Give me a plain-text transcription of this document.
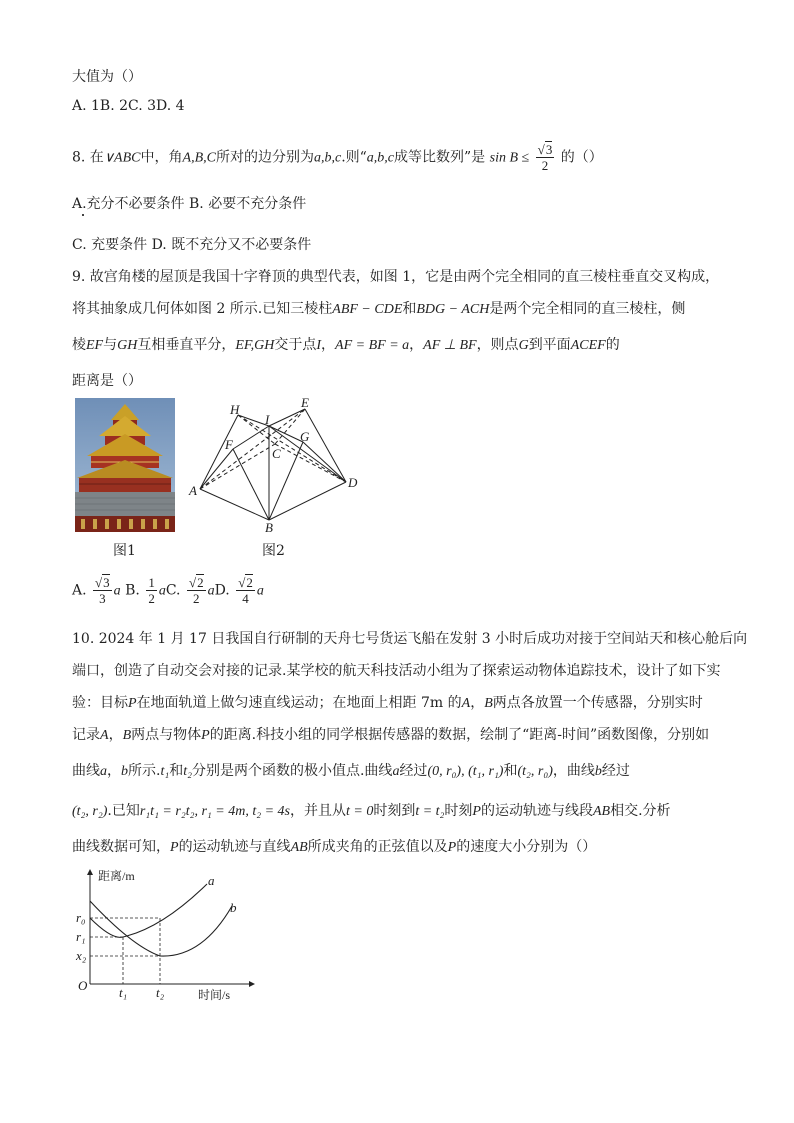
大值为（）
A. 1B. 2C. 3D. 4
8. 在∨ABC中，角A,B,C所对的边分别为a,b,c.则“a,b,c成等比数列”是 $\sin B \le \frac{√3}{2}$ 的（）
A.充分不必要条件 B. 必要不充分条件
C. 充要条件 D. 既不充分又不必要条件
9. 故宫角楼的屋顶是我国十字脊顶的典型代表，如图 1，它是由两个完全相同的直三棱柱垂直交叉构成，
将其抽象成几何体如图 2 所示.已知三棱柱ABF − CDE和BDG − ACH是两个完全相同的直三棱柱，侧
棱EF与GH互相垂直平分，EF,GH交于点I，AF = BF = a，AF ⊥ BF，则点G到平面ACEF的
距离是（）
图1
H	E
I
F
G
C
A
D
B
图2
A. $\frac{√3}{3}$ a B. $\frac{1}{2}$ aC. $\frac{√2}{2}$ aD. $\frac{√2}{4}$ a
10. 2024 年 1 月 17 日我国自行研制的天舟七号货运飞船在发射 3 小时后成功对接于空间站天和核心舱后向
端口，创造了自动交会对接的记录.某学校的航天科技活动小组为了探索运动物体追踪技术，设计了如下实
验：目标P在地面轨道上做匀速直线运动；在地面上相距 7m 的A，B两点各放置一个传感器，分别实时
记录A，B两点与物体P的距离.科技小组的同学根据传感器的数据，绘制了“距离-时间”函数图像，分别如
曲线a，b所示.t₁和t₂分别是两个函数的极小值点.曲线a经过(0, r₀), (t₁, r₁)和(t₂, r₀)，曲线b经过
(t₂, r₂).已知r₁t₁ = r₂t₂, r₁ = 4m, t₂ = 4s，并且从t = 0时刻到t = t₂时刻P的运动轨迹与线段AB相交.分析
曲线数据可知，P的运动轨迹与直线AB所成夹角的正弦值以及P的速度大小分别为（）
距离/m
时间/s
O
a
b
r₀
r₁
x₂
t₁ t₂
